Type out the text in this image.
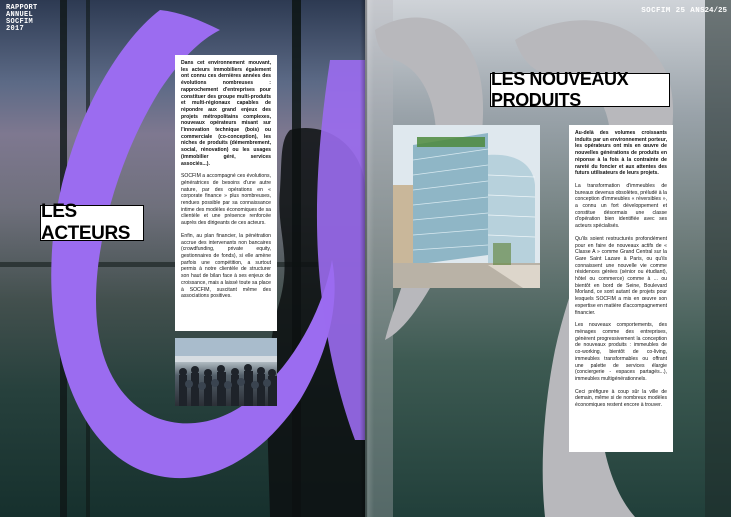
RAPPORT
ANNUEL
SOCFIM
2017
SOCFIM 25 ANS 24/25
LES ACTEURS
LES NOUVEAUX PRODUITS

Dans cet environnement mouvant, les acteurs immobiliers également ont connu ces dernières années des évolutions nombreuses : rapprochement d'entreprises pour constituer des groupe multi-produits et multi-régionaux capables de répondre aux grand enjeux des projets métropolitains complexes, nouveaux opérateurs misant sur l'innovation technique (bois) ou commerciale (co-conception), les niches de produits (démembrement, social, rénovation) ou les usages (immobilier géré, services associés...).

SOCFIM a accompagné ces évolutions, génératrices de besoins d'une autre nature, par des opérations en « corporate finance » plus nombreuses, rendues possible par sa connaissance intime des modèles économiques de sa clientèle et une présence renforcée auprès des dirigeants de ces acteurs.

Enfin, au plan financier, la pénétration accrue des intervenants non bancaires (crowdfunding, private equity, gestionnaires de fonds), si elle amène parfois une compétition, a surtout permis à notre clientèle de structurer son haut de bilan face à ses enjeux de croissance, mais a laissé toute sa place à SOCFIM, suscitant même des associations positives.

Au-delà des volumes croissants induits par un environnement porteur, les opérateurs ont mis en œuvre de nouvelles générations de produits en réponse à la fois à la contrainte de rareté du foncier et aux attentes des futurs utilisateurs de leurs projets.

La transformation d'immeubles de bureaux devenus obsolètes, préludé à la conception d'immeubles « réversibles », a connu un fort développement et constitue désormais une classe d'opération bien identifiée avec ses acteurs spécialisés.

Qu'ils soient restructurés profondément pour en faire de nouveaux actifs de « Classe A » comme Grand Central sur la Gare Saint Lazare à Paris, ou qu'ils connaissent une nouvelle vie comme résidences gérées (sénior ou étudiant), hôtel ou commerce) comme à ... ou bientôt en bord de Seine, Boulevard Morland, ce sont autant de projets pour lesquels SOCFIM a mis en œuvre son expertise en matière d'accompagnement financier.

Les nouveaux comportements, des ménages comme des entreprises, génèrent progressivement la conception de nouveaux produits : immeubles de co-working, bientôt de co-living, immeubles transformables ou offrant une palette de services élargie (conciergerie - espaces partagés...), immeubles multigénérationnels.

Ceci préfigure à coup sûr la ville de demain, même si de nombreux modèles économiques restent encore à trouver.
